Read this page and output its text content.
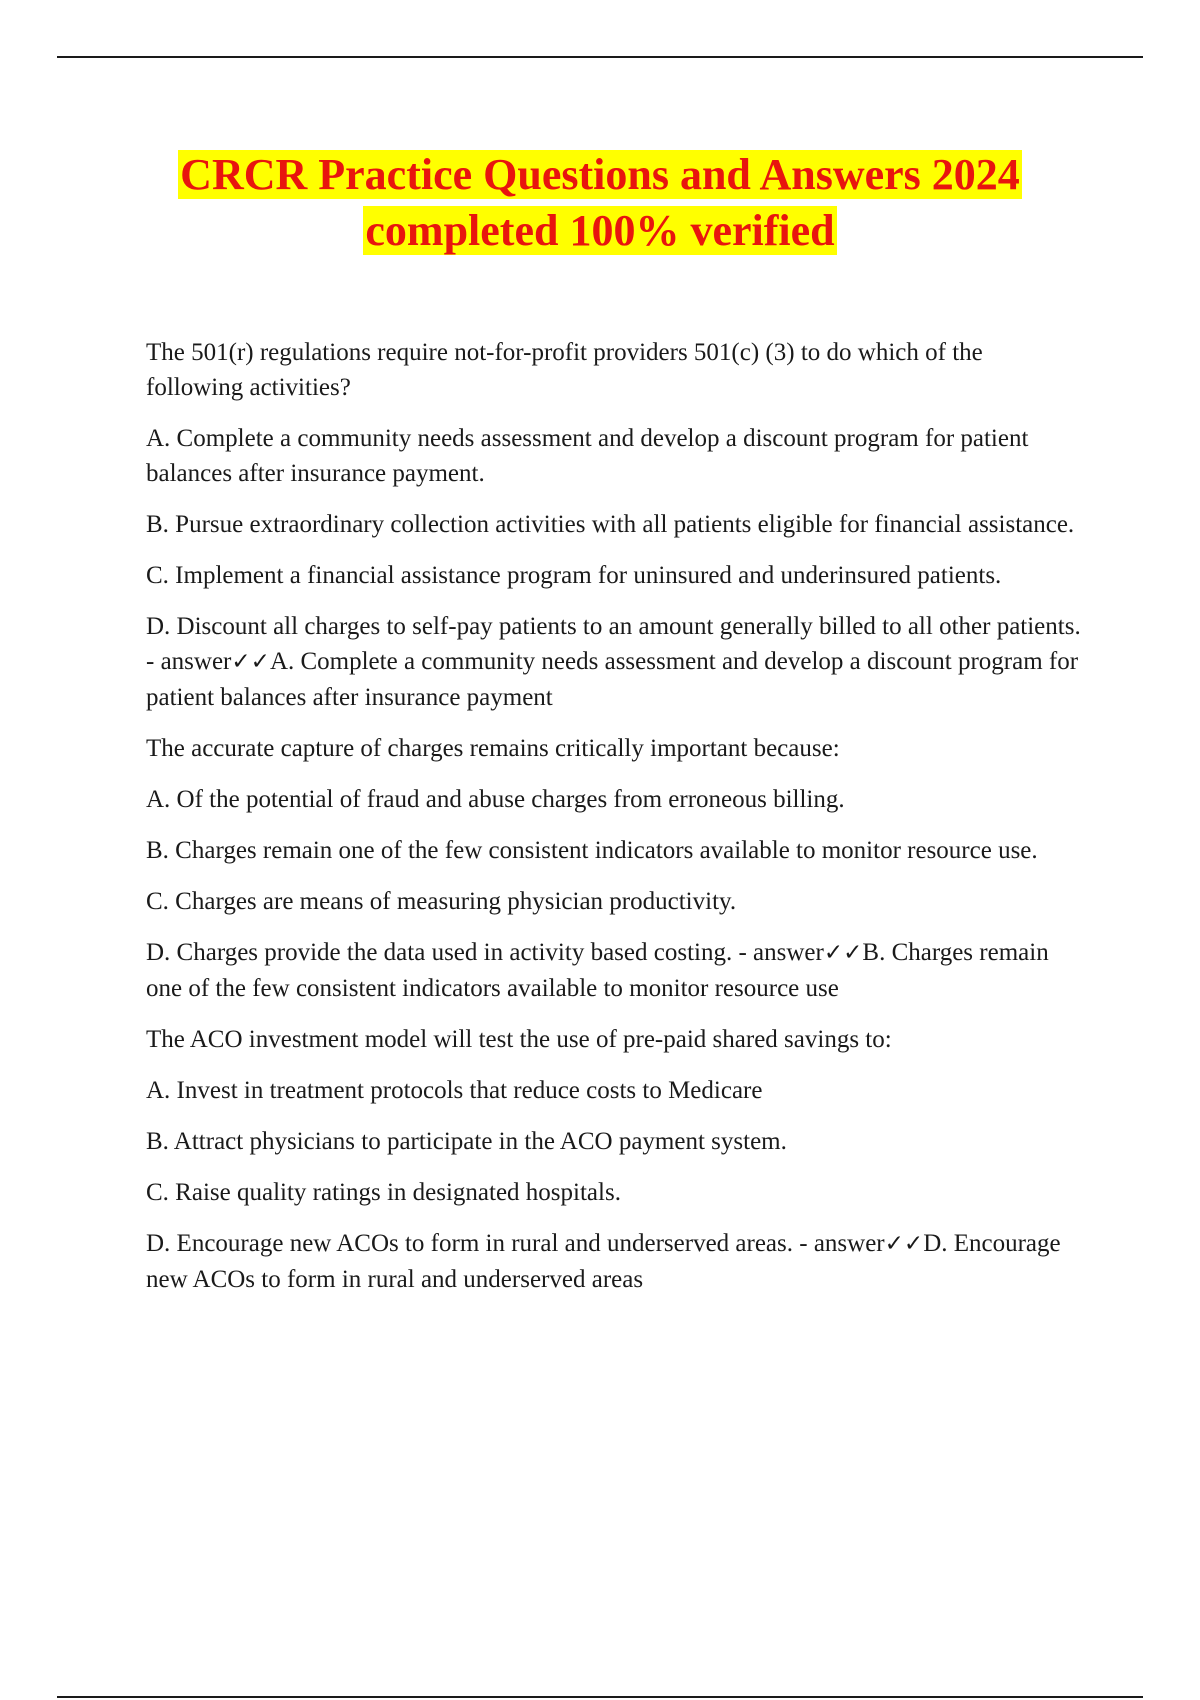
CRCR Practice Questions and Answers 2024
completed 100% verified

The 501(r) regulations require not-for-profit providers 501(c) (3) to do which of the following activities?

A. Complete a community needs assessment and develop a discount program for patient balances after insurance payment.

B. Pursue extraordinary collection activities with all patients eligible for financial assistance.

C. Implement a financial assistance program for uninsured and underinsured patients.

D. Discount all charges to self-pay patients to an amount generally billed to all other patients. - answer✓✓A. Complete a community needs assessment and develop a discount program for patient balances after insurance payment

The accurate capture of charges remains critically important because:

A. Of the potential of fraud and abuse charges from erroneous billing.

B. Charges remain one of the few consistent indicators available to monitor resource use.

C. Charges are means of measuring physician productivity.

D. Charges provide the data used in activity based costing. - answer✓✓B. Charges remain one of the few consistent indicators available to monitor resource use

The ACO investment model will test the use of pre-paid shared savings to:

A. Invest in treatment protocols that reduce costs to Medicare

B. Attract physicians to participate in the ACO payment system.

C. Raise quality ratings in designated hospitals.

D. Encourage new ACOs to form in rural and underserved areas. - answer✓✓D. Encourage new ACOs to form in rural and underserved areas
